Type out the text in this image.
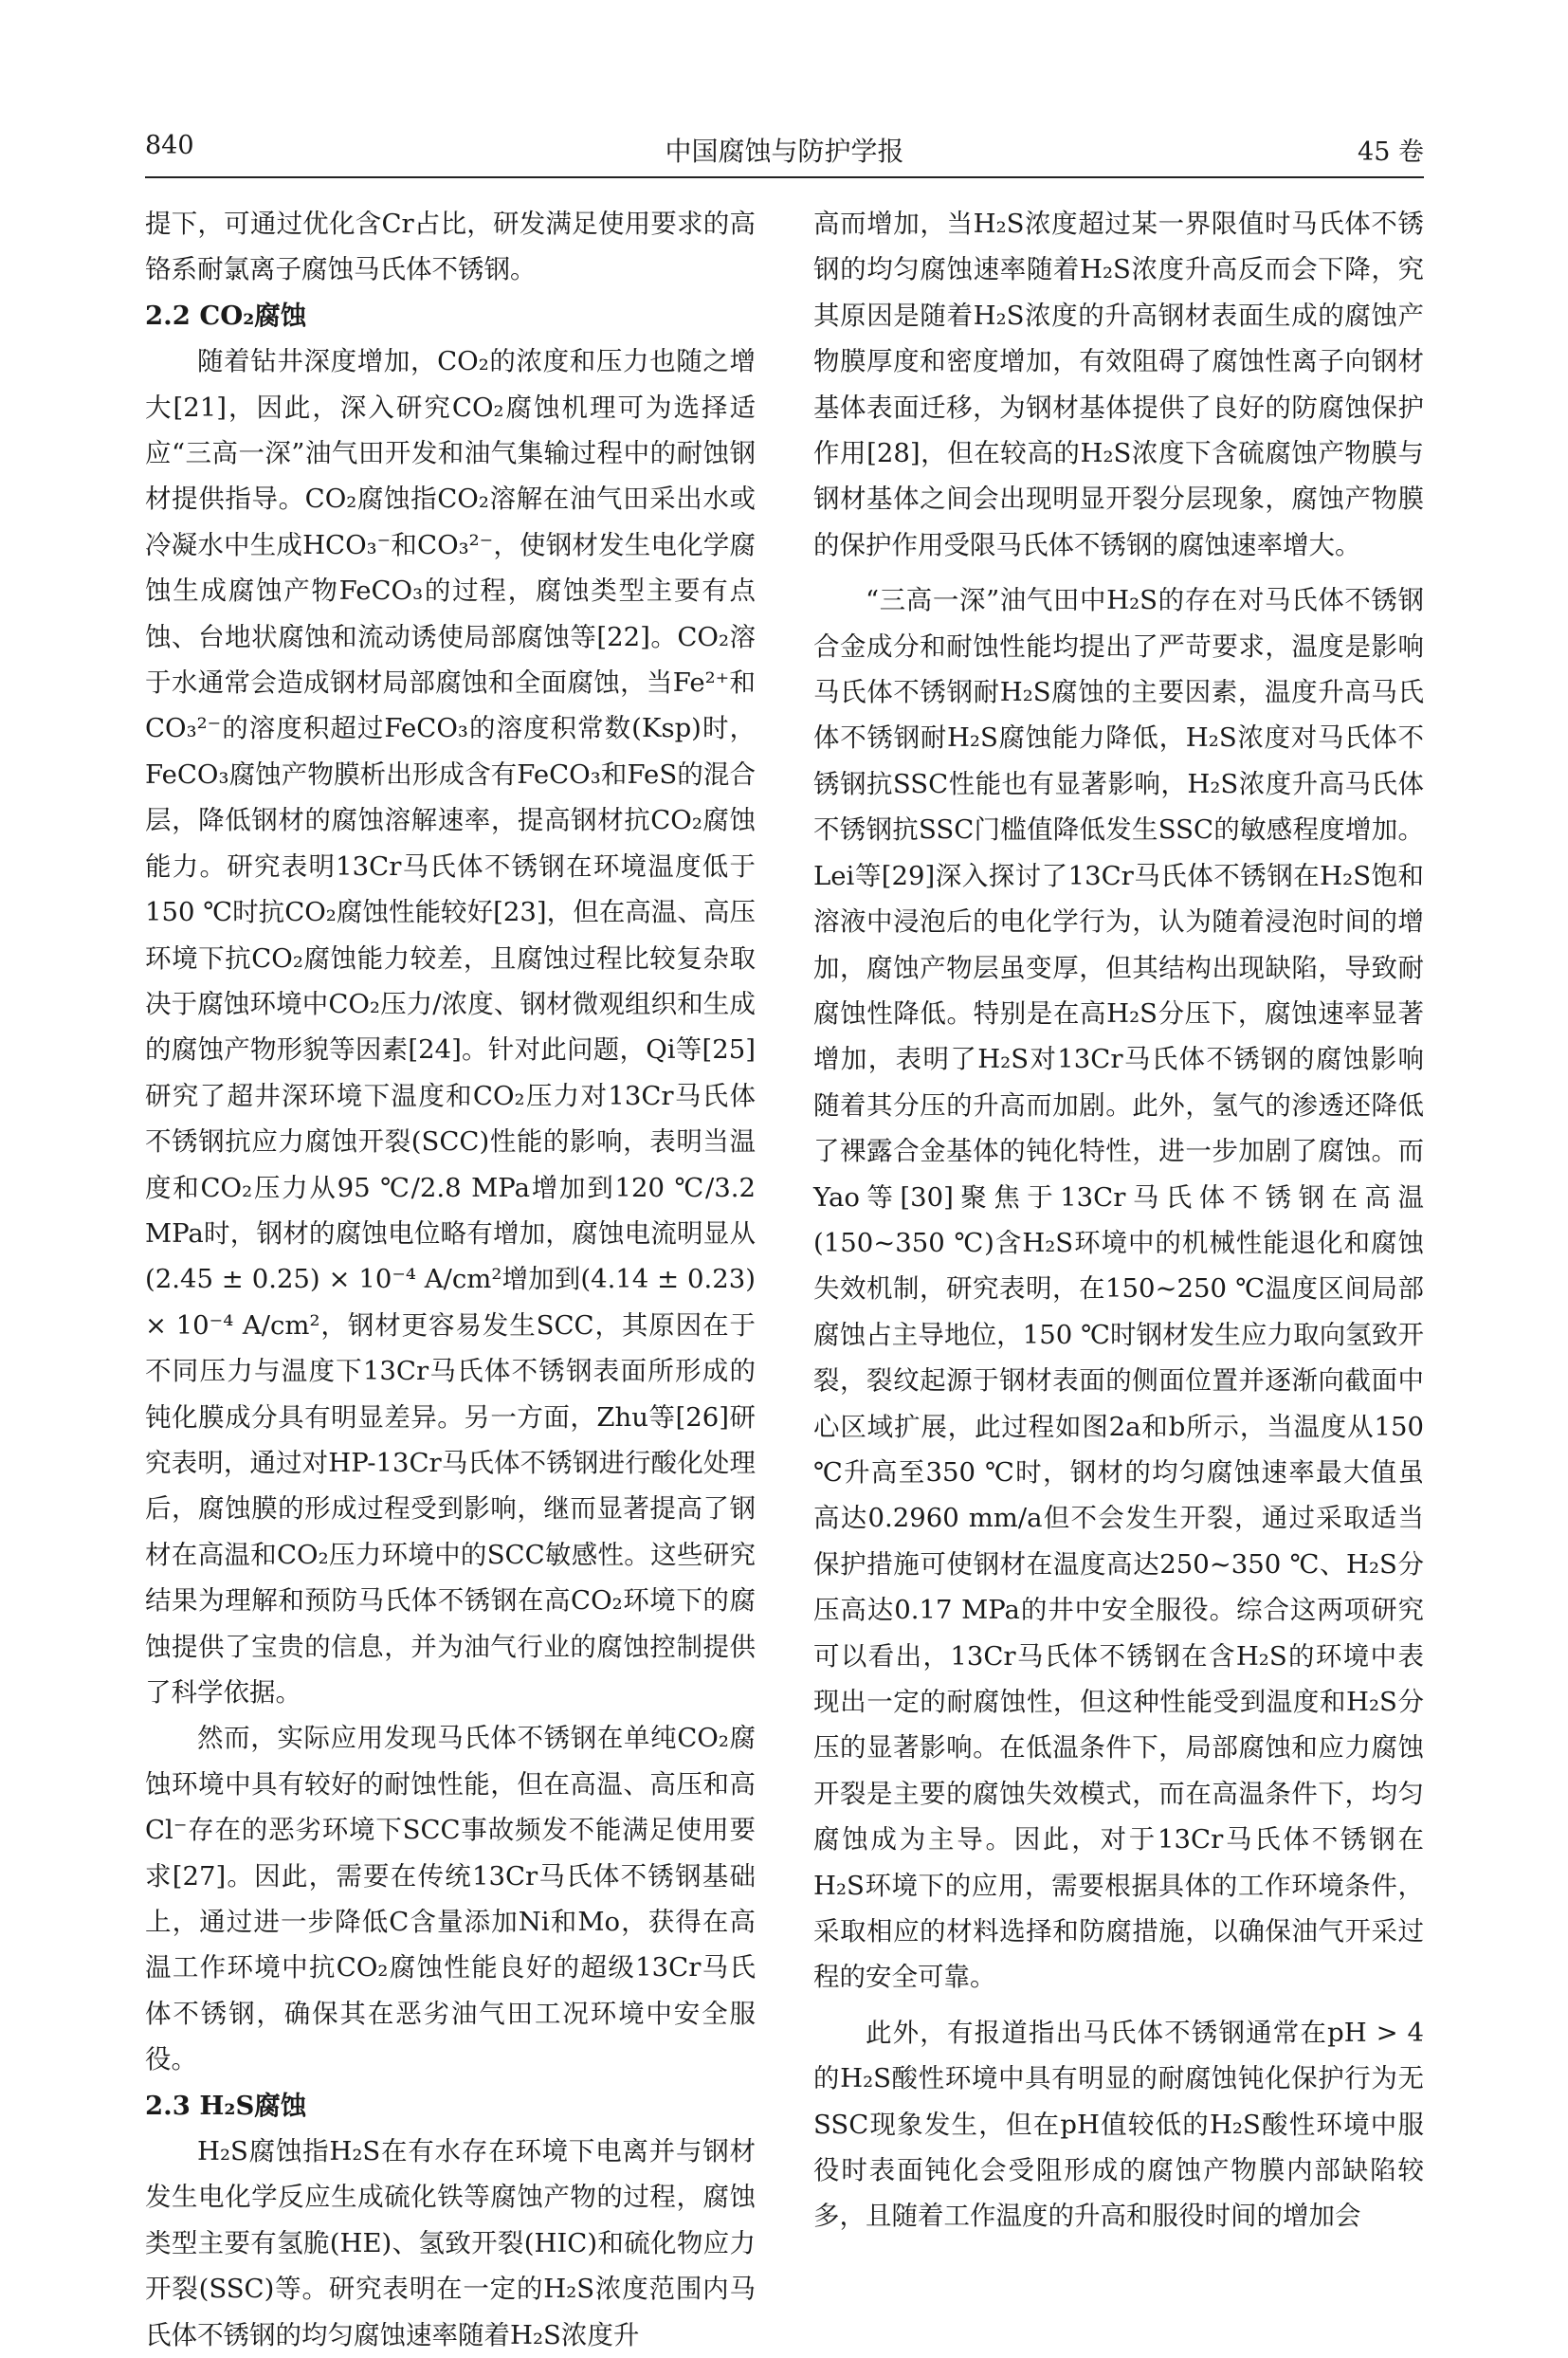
840	中国腐蚀与防护学报	45 卷

提下，可通过优化含Cr占比，研发满足使用要求的高铬系耐氯离子腐蚀马氏体不锈钢。

2.2 CO₂腐蚀

随着钻井深度增加，CO₂的浓度和压力也随之增大[21]，因此，深入研究CO₂腐蚀机理可为选择适应“三高一深”油气田开发和油气集输过程中的耐蚀钢材提供指导。CO₂腐蚀指CO₂溶解在油气田采出水或冷凝水中生成HCO₃⁻和CO₃²⁻，使钢材发生电化学腐蚀生成腐蚀产物FeCO₃的过程，腐蚀类型主要有点蚀、台地状腐蚀和流动诱使局部腐蚀等[22]。CO₂溶于水通常会造成钢材局部腐蚀和全面腐蚀，当Fe²⁺和CO₃²⁻的溶度积超过FeCO₃的溶度积常数(Ksp)时，FeCO₃腐蚀产物膜析出形成含有FeCO₃和FeS的混合层，降低钢材的腐蚀溶解速率，提高钢材抗CO₂腐蚀能力。研究表明13Cr马氏体不锈钢在环境温度低于150 ℃时抗CO₂腐蚀性能较好[23]，但在高温、高压环境下抗CO₂腐蚀能力较差，且腐蚀过程比较复杂取决于腐蚀环境中CO₂压力/浓度、钢材微观组织和生成的腐蚀产物形貌等因素[24]。针对此问题，Qi等[25]研究了超井深环境下温度和CO₂压力对13Cr马氏体不锈钢抗应力腐蚀开裂(SCC)性能的影响，表明当温度和CO₂压力从95 ℃/2.8 MPa增加到120 ℃/3.2 MPa时，钢材的腐蚀电位略有增加，腐蚀电流明显从(2.45 ± 0.25) × 10⁻⁴ A/cm²增加到(4.14 ± 0.23) × 10⁻⁴ A/cm²，钢材更容易发生SCC，其原因在于不同压力与温度下13Cr马氏体不锈钢表面所形成的钝化膜成分具有明显差异。另一方面，Zhu等[26]研究表明，通过对HP-13Cr马氏体不锈钢进行酸化处理后，腐蚀膜的形成过程受到影响，继而显著提高了钢材在高温和CO₂压力环境中的SCC敏感性。这些研究结果为理解和预防马氏体不锈钢在高CO₂环境下的腐蚀提供了宝贵的信息，并为油气行业的腐蚀控制提供了科学依据。

然而，实际应用发现马氏体不锈钢在单纯CO₂腐蚀环境中具有较好的耐蚀性能，但在高温、高压和高Cl⁻存在的恶劣环境下SCC事故频发不能满足使用要求[27]。因此，需要在传统13Cr马氏体不锈钢基础上，通过进一步降低C含量添加Ni和Mo，获得在高温工作环境中抗CO₂腐蚀性能良好的超级13Cr马氏体不锈钢，确保其在恶劣油气田工况环境中安全服役。

2.3 H₂S腐蚀

H₂S腐蚀指H₂S在有水存在环境下电离并与钢材发生电化学反应生成硫化铁等腐蚀产物的过程，腐蚀类型主要有氢脆(HE)、氢致开裂(HIC)和硫化物应力开裂(SSC)等。研究表明在一定的H₂S浓度范围内马氏体不锈钢的均匀腐蚀速率随着H₂S浓度升

高而增加，当H₂S浓度超过某一界限值时马氏体不锈钢的均匀腐蚀速率随着H₂S浓度升高反而会下降，究其原因是随着H₂S浓度的升高钢材表面生成的腐蚀产物膜厚度和密度增加，有效阻碍了腐蚀性离子向钢材基体表面迁移，为钢材基体提供了良好的防腐蚀保护作用[28]，但在较高的H₂S浓度下含硫腐蚀产物膜与钢材基体之间会出现明显开裂分层现象，腐蚀产物膜的保护作用受限马氏体不锈钢的腐蚀速率增大。

“三高一深”油气田中H₂S的存在对马氏体不锈钢合金成分和耐蚀性能均提出了严苛要求，温度是影响马氏体不锈钢耐H₂S腐蚀的主要因素，温度升高马氏体不锈钢耐H₂S腐蚀能力降低，H₂S浓度对马氏体不锈钢抗SSC性能也有显著影响，H₂S浓度升高马氏体不锈钢抗SSC门槛值降低发生SSC的敏感程度增加。Lei等[29]深入探讨了13Cr马氏体不锈钢在H₂S饱和溶液中浸泡后的电化学行为，认为随着浸泡时间的增加，腐蚀产物层虽变厚，但其结构出现缺陷，导致耐腐蚀性降低。特别是在高H₂S分压下，腐蚀速率显著增加，表明了H₂S对13Cr马氏体不锈钢的腐蚀影响随着其分压的升高而加剧。此外，氢气的渗透还降低了裸露合金基体的钝化特性，进一步加剧了腐蚀。而Yao等[30]聚焦于13Cr马氏体不锈钢在高温(150~350 ℃)含H₂S环境中的机械性能退化和腐蚀失效机制，研究表明，在150~250 ℃温度区间局部腐蚀占主导地位，150 ℃时钢材发生应力取向氢致开裂，裂纹起源于钢材表面的侧面位置并逐渐向截面中心区域扩展，此过程如图2a和b所示，当温度从150 ℃升高至350 ℃时，钢材的均匀腐蚀速率最大值虽高达0.2960 mm/a但不会发生开裂，通过采取适当保护措施可使钢材在温度高达250~350 ℃、H₂S分压高达0.17 MPa的井中安全服役。综合这两项研究可以看出，13Cr马氏体不锈钢在含H₂S的环境中表现出一定的耐腐蚀性，但这种性能受到温度和H₂S分压的显著影响。在低温条件下，局部腐蚀和应力腐蚀开裂是主要的腐蚀失效模式，而在高温条件下，均匀腐蚀成为主导。因此，对于13Cr马氏体不锈钢在H₂S环境下的应用，需要根据具体的工作环境条件，采取相应的材料选择和防腐措施，以确保油气开采过程的安全可靠。

此外，有报道指出马氏体不锈钢通常在pH > 4的H₂S酸性环境中具有明显的耐腐蚀钝化保护行为无SSC现象发生，但在pH值较低的H₂S酸性环境中服役时表面钝化会受阻形成的腐蚀产物膜内部缺陷较多，且随着工作温度的升高和服役时间的增加会
